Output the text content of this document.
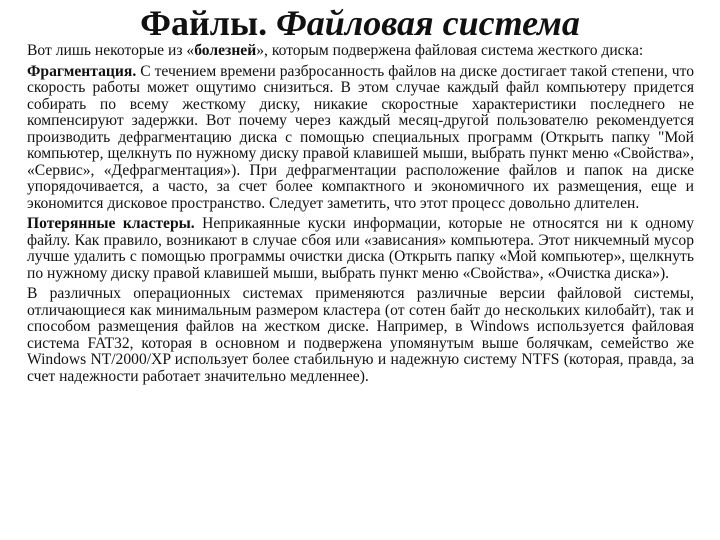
Файлы. Файловая система

Вот лишь некоторые из «болезней», которым подвержена файловая система жесткого диска:

Фрагментация. С течением времени разбросанность файлов на диске достигает такой степени, что скорость работы может ощутимо снизиться. В этом случае каждый файл компьютеру придется собирать по всему жесткому диску, никакие скоростные характеристики последнего не компенсируют задержки. Вот почему через каждый месяц-другой пользователю рекомендуется производить дефрагментацию диска с помощью специальных программ (Открыть папку "Мой компьютер, щелкнуть по нужному диску правой клавишей мыши, выбрать пункт меню «Свойства», «Сервис», «Дефрагментация»). При дефрагментации расположение файлов и папок на диске упорядочивается, а часто, за счет более компактного и экономичного их размещения, еще и экономится дисковое пространство. Следует заметить, что этот процесс довольно длителен.

Потерянные кластеры. Неприкаянные куски информации, которые не относятся ни к одному файлу. Как правило, возникают в случае сбоя или «зависания» компьютера. Этот никчемный мусор лучше удалить с помощью программы очистки диска (Открыть папку «Мой компьютер», щелкнуть по нужному диску правой клавишей мыши, выбрать пункт меню «Свойства», «Очистка диска»).

В различных операционных системах применяются различные версии файловой системы, отличающиеся как минимальным размером кластера (от сотен байт до нескольких килобайт), так и способом размещения файлов на жестком диске. Например, в Windows используется файловая система FAT32, которая в основном и подвержена упомянутым выше болячкам, семейство же Windows NT/2000/XP использует более стабильную и надежную систему NTFS (которая, правда, за счет надежности работает значительно медленнее).
